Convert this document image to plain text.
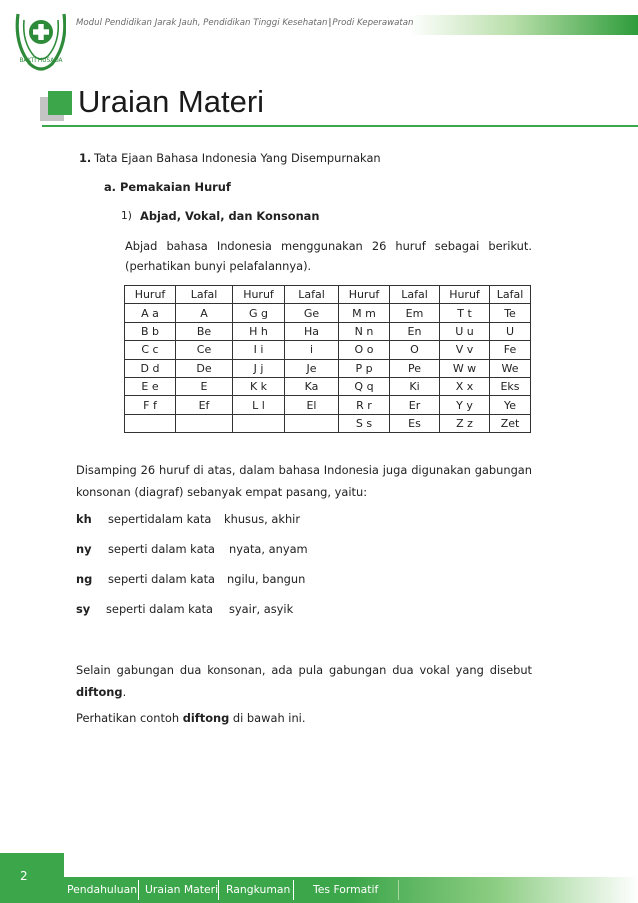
BAKTI HUSADA
Modul Pendidikan Jarak Jauh, Pendidikan Tinggi Kesehatan|Prodi Keperawatan
Uraian Materi
1. Tata Ejaan Bahasa Indonesia Yang Disempurnakan
a. Pemakaian Huruf
1) Abjad, Vokal, dan Konsonan
Abjad bahasa Indonesia menggunakan 26 huruf sebagai berikut. (perhatikan bunyi pelafalannya).
Huruf	Lafal	Huruf	Lafal	Huruf	Lafal	Huruf	Lafal
A a	A	G g	Ge	M m	Em	T t	Te
B b	Be	H h	Ha	N n	En	U u	U
C c	Ce	I i	i	O o	O	V v	Fe
D d	De	J j	Je	P p	Pe	W w	We
E e	E	K k	Ka	Q q	Ki	X x	Eks
F f	Ef	L l	El	R r	Er	Y y	Ye
				S s	Es	Z z	Zet
Disamping 26 huruf di atas, dalam bahasa Indonesia juga digunakan gabungan konsonan (diagraf) sebanyak empat pasang, yaitu:
kh sepertidalam kata khusus, akhir
ny seperti dalam kata nyata, anyam
ng seperti dalam kata ngilu, bangun
sy seperti dalam kata syair, asyik
Selain gabungan dua konsonan, ada pula gabungan dua vokal yang disebut diftong.
Perhatikan contoh diftong di bawah ini.
2
Pendahuluan Uraian Materi Rangkuman Tes Formatif
